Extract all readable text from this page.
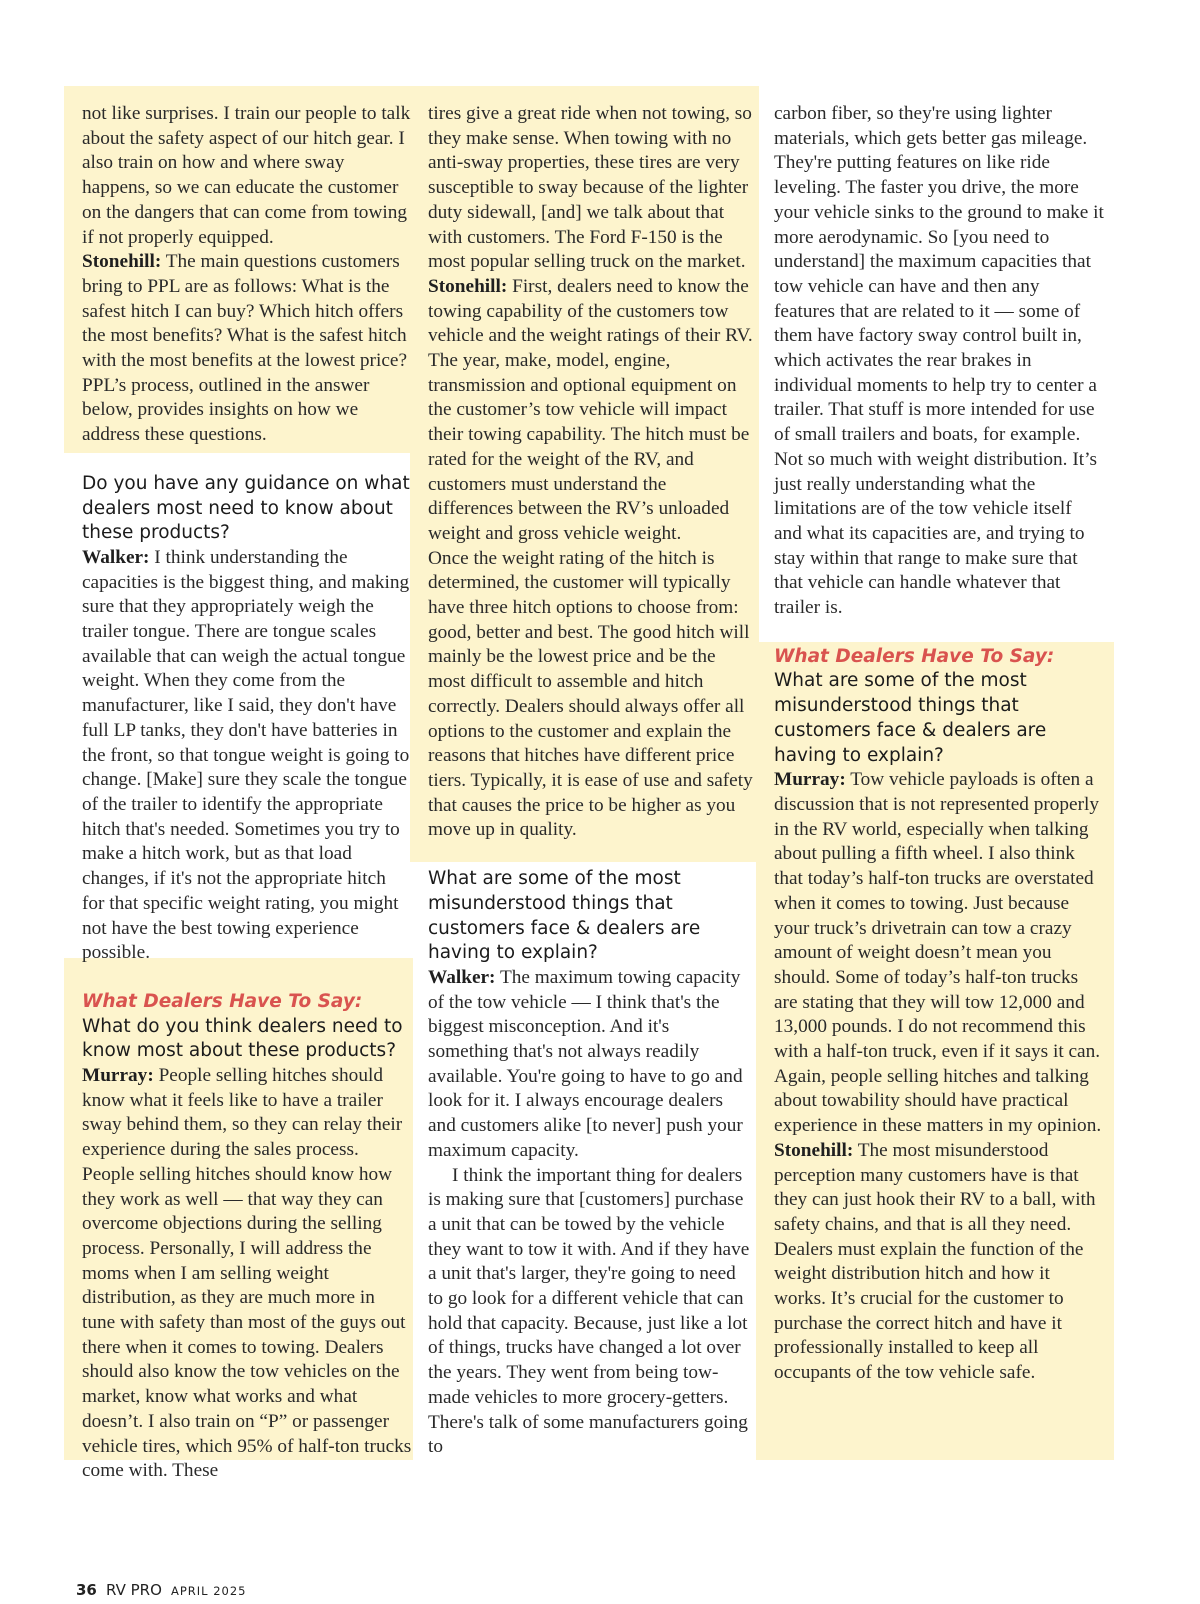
not like surprises. I train our people to talk about the safety aspect of our hitch gear. I also train on how and where sway happens, so we can educate the customer on the dangers that can come from towing if not properly equipped.

Stonehill: The main questions customers bring to PPL are as follows: What is the safest hitch I can buy? Which hitch offers the most benefits? What is the safest hitch with the most benefits at the lowest price? PPL’s process, outlined in the answer below, provides insights on how we address these questions.

Do you have any guidance on what dealers most need to know about these products?

Walker: I think understanding the capacities is the biggest thing, and making sure that they appropriately weigh the trailer tongue. There are tongue scales available that can weigh the actual tongue weight. When they come from the manufacturer, like I said, they don't have full LP tanks, they don't have batteries in the front, so that tongue weight is going to change. [Make] sure they scale the tongue of the trailer to identify the appropriate hitch that's needed. Sometimes you try to make a hitch work, but as that load changes, if it's not the appropriate hitch for that specific weight rating, you might not have the best towing experience possible.

What Dealers Have To Say:

What do you think dealers need to know most about these products?

Murray: People selling hitches should know what it feels like to have a trailer sway behind them, so they can relay their experience during the sales process. People selling hitches should know how they work as well — that way they can overcome objections during the selling process. Personally, I will address the moms when I am selling weight distribution, as they are much more in tune with safety than most of the guys out there when it comes to towing. Dealers should also know the tow vehicles on the market, know what works and what doesn’t. I also train on “P” or passenger vehicle tires, which 95% of half-ton trucks come with. These

tires give a great ride when not towing, so they make sense. When towing with no anti-sway properties, these tires are very susceptible to sway because of the lighter duty sidewall, [and] we talk about that with customers. The Ford F-150 is the most popular selling truck on the market.

Stonehill: First, dealers need to know the towing capability of the customers tow vehicle and the weight ratings of their RV. The year, make, model, engine, transmission and optional equipment on the customer’s tow vehicle will impact their towing capability. The hitch must be rated for the weight of the RV, and customers must understand the differences between the RV’s unloaded weight and gross vehicle weight.

Once the weight rating of the hitch is determined, the customer will typically have three hitch options to choose from: good, better and best. The good hitch will mainly be the lowest price and be the most difficult to assemble and hitch correctly. Dealers should always offer all options to the customer and explain the reasons that hitches have different price tiers. Typically, it is ease of use and safety that causes the price to be higher as you move up in quality.

What are some of the most misunderstood things that customers face & dealers are having to explain?

Walker: The maximum towing capacity of the tow vehicle — I think that's the biggest misconception. And it's something that's not always readily available. You're going to have to go and look for it. I always encourage dealers and customers alike [to never] push your maximum capacity.

I think the important thing for dealers is making sure that [customers] purchase a unit that can be towed by the vehicle they want to tow it with. And if they have a unit that's larger, they're going to need to go look for a different vehicle that can hold that capacity. Because, just like a lot of things, trucks have changed a lot over the years. They went from being tow-made vehicles to more grocery-getters. There's talk of some manufacturers going to

carbon fiber, so they're using lighter materials, which gets better gas mileage. They're putting features on like ride leveling. The faster you drive, the more your vehicle sinks to the ground to make it more aerodynamic. So [you need to understand] the maximum capacities that tow vehicle can have and then any features that are related to it — some of them have factory sway control built in, which activates the rear brakes in individual moments to help try to center a trailer. That stuff is more intended for use of small trailers and boats, for example. Not so much with weight distribution. It’s just really understanding what the limitations are of the tow vehicle itself and what its capacities are, and trying to stay within that range to make sure that that vehicle can handle whatever that trailer is.

What Dealers Have To Say:

What are some of the most misunderstood things that customers face & dealers are having to explain?

Murray: Tow vehicle payloads is often a discussion that is not represented properly in the RV world, especially when talking about pulling a fifth wheel. I also think that today’s half-ton trucks are overstated when it comes to towing. Just because your truck’s drivetrain can tow a crazy amount of weight doesn’t mean you should. Some of today’s half-ton trucks are stating that they will tow 12,000 and 13,000 pounds. I do not recommend this with a half-ton truck, even if it says it can. Again, people selling hitches and talking about towability should have practical experience in these matters in my opinion.

Stonehill: The most misunderstood perception many customers have is that they can just hook their RV to a ball, with safety chains, and that is all they need. Dealers must explain the function of the weight distribution hitch and how it works. It’s crucial for the customer to purchase the correct hitch and have it professionally installed to keep all occupants of the tow vehicle safe.

36 RV PRO APRIL 2025
